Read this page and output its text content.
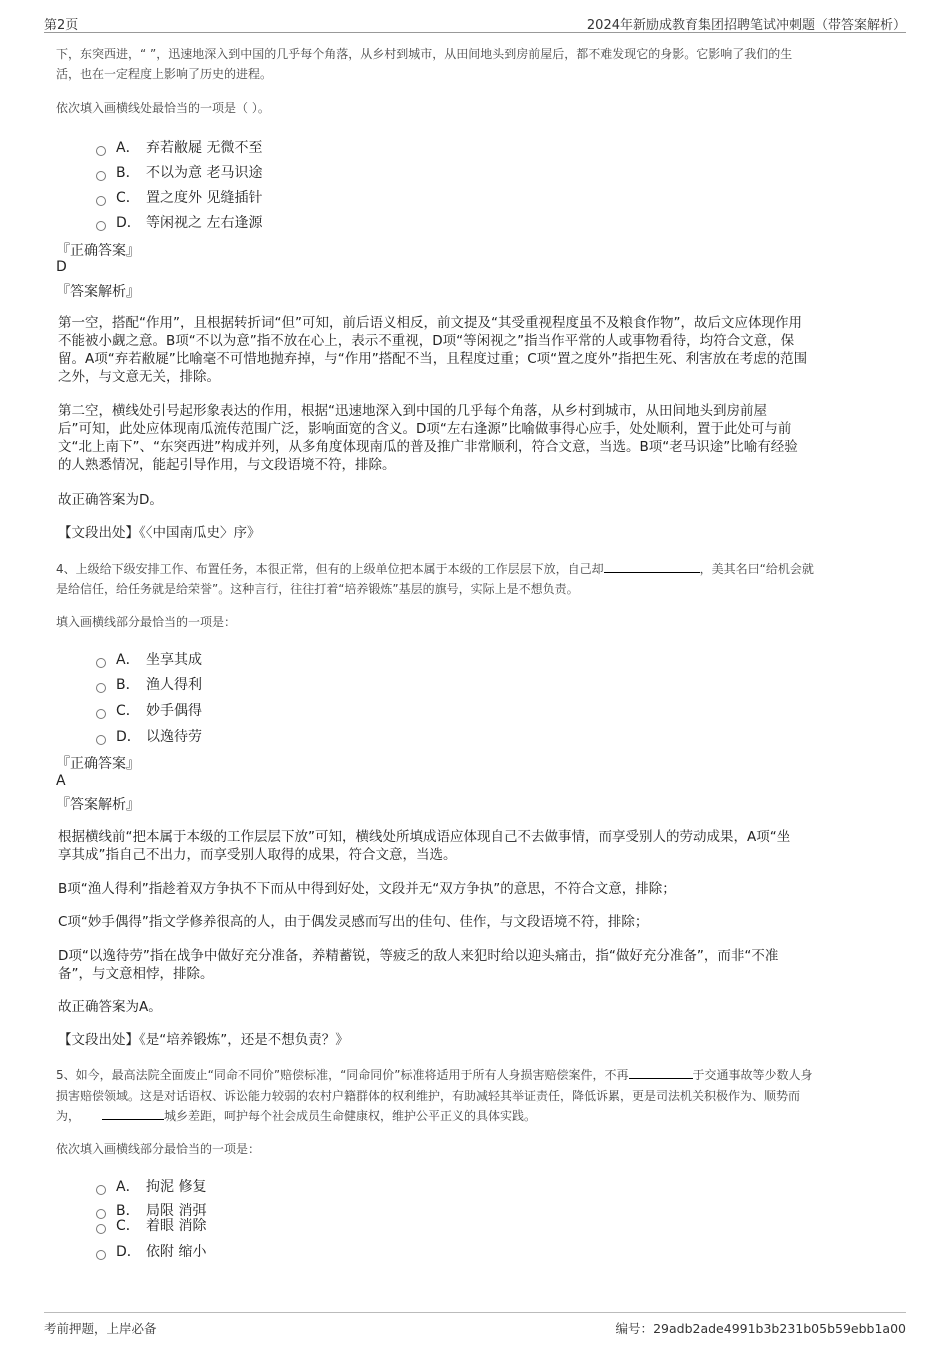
第2页	2024年新励成教育集团招聘笔试冲刺题（带答案解析）
下，东突西进，“ ”，迅速地深入到中国的几乎每个角落，从乡村到城市，从田间地头到房前屋后，都不难发现它的身影。它影响了我们的生
活，也在一定程度上影响了历史的进程。
依次填入画横线处最恰当的一项是（ ）。
A． 弃若敝屣 无微不至
B． 不以为意 老马识途
C． 置之度外 见缝插针
D． 等闲视之 左右逢源
『正确答案』
D
『答案解析』
第一空，搭配“作用”，且根据转折词“但”可知，前后语义相反，前文提及“其受重视程度虽不及粮食作物”，故后文应体现作用
不能被小觑之意。B项“不以为意”指不放在心上，表示不重视，D项“等闲视之”指当作平常的人或事物看待，均符合文意，保
留。A项“弃若敝屣”比喻毫不可惜地抛弃掉，与“作用”搭配不当，且程度过重；C项“置之度外”指把生死、利害放在考虑的范围
之外，与文意无关，排除。
第二空，横线处引号起形象表达的作用，根据“迅速地深入到中国的几乎每个角落，从乡村到城市，从田间地头到房前屋
后”可知，此处应体现南瓜流传范围广泛，影响面宽的含义。D项“左右逢源”比喻做事得心应手，处处顺利，置于此处可与前
文“北上南下”、“东突西进”构成并列，从多角度体现南瓜的普及推广非常顺利，符合文意，当选。B项“老马识途”比喻有经验
的人熟悉情况，能起引导作用，与文段语境不符，排除。
故正确答案为D。
【文段出处】《〈中国南瓜史〉序》
4、上级给下级安排工作、布置任务，本很正常，但有的上级单位把本属于本级的工作层层下放，自己却	，美其名曰“给机会就
是给信任，给任务就是给荣誉”。这种言行，往往打着“培养锻炼”基层的旗号，实际上是不想负责。
填入画横线部分最恰当的一项是：
A． 坐享其成
B． 渔人得利
C． 妙手偶得
D． 以逸待劳
『正确答案』
A
『答案解析』
根据横线前“把本属于本级的工作层层下放”可知，横线处所填成语应体现自己不去做事情，而享受别人的劳动成果，A项“坐
享其成”指自己不出力，而享受别人取得的成果，符合文意，当选。
B项“渔人得利”指趁着双方争执不下而从中得到好处，文段并无“双方争执”的意思，不符合文意，排除；
C项“妙手偶得”指文学修养很高的人，由于偶发灵感而写出的佳句、佳作，与文段语境不符，排除；
D项“以逸待劳”指在战争中做好充分准备，养精蓄锐，等疲乏的敌人来犯时给以迎头痛击，指“做好充分准备”，而非“不准
备”，与文意相悖，排除。
故正确答案为A。
【文段出处】《是“培养锻炼”，还是不想负责？》
5、如今，最高法院全面废止“同命不同价”赔偿标准，“同命同价”标准将适用于所有人身损害赔偿案件，不再	于交通事故等少数人身
损害赔偿领域。这是对话语权、诉讼能力较弱的农村户籍群体的权利维护，有助减轻其举证责任，降低诉累，更是司法机关积极作为、顺势而
为，	城乡差距，呵护每个社会成员生命健康权，维护公平正义的具体实践。
依次填入画横线部分最恰当的一项是：
A． 拘泥 修复
B． 局限 消弭
C． 着眼 消除
D． 依附 缩小
考前押题，上岸必备	编号：29adb2ade4991b3b231b05b59ebb1a00
